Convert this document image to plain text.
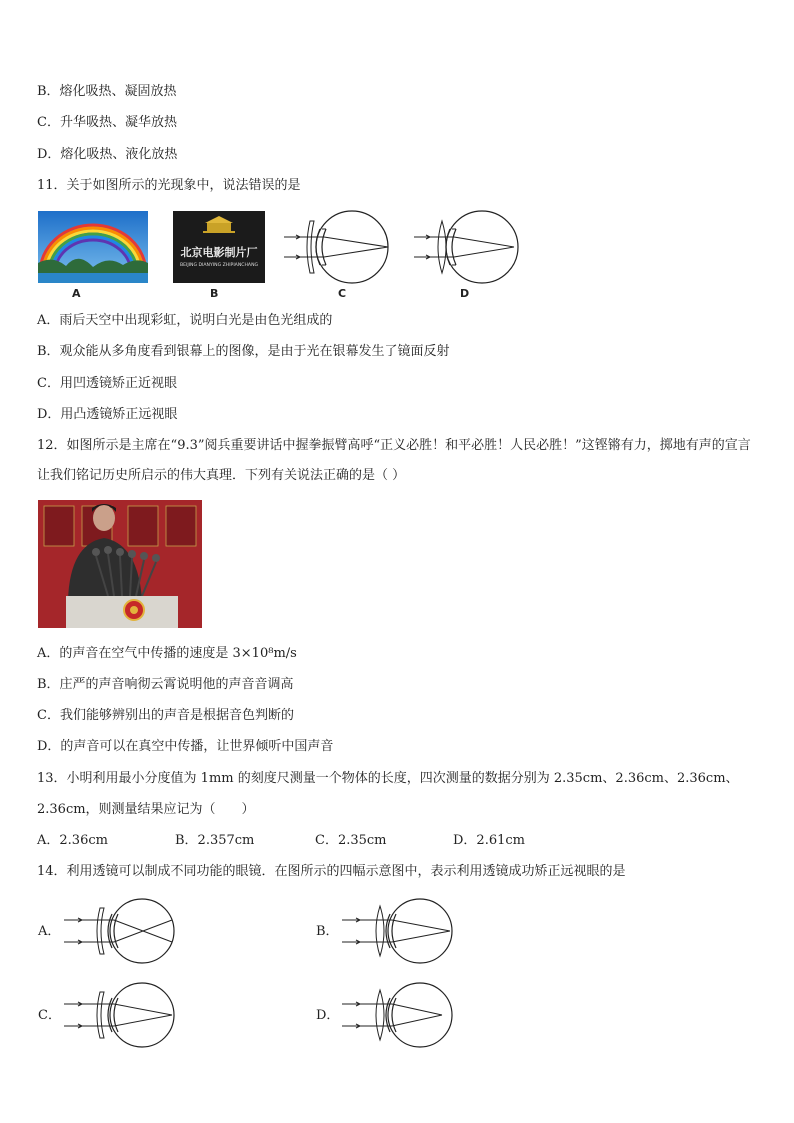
B．熔化吸热、凝固放热
C．升华吸热、凝华放热
D．熔化吸热、液化放热
11．关于如图所示的光现象中，说法错误的是
A
北京电影制片厂
BEIJING DIANYING ZHIPIANCHANG
B	C	D
A．雨后天空中出现彩虹，说明白光是由色光组成的
B．观众能从多角度看到银幕上的图像，是由于光在银幕发生了镜面反射
C．用凹透镜矫正近视眼
D．用凸透镜矫正远视眼
12．如图所示是主席在“9.3”阅兵重要讲话中握拳振臂高呼“正义必胜！和平必胜！人民必胜！”这铿锵有力，掷地有声的宣言让我们铭记历史所启示的伟大真理．下列有关说法正确的是（ ）
A．的声音在空气中传播的速度是 3×10⁸m/s
B．庄严的声音响彻云霄说明他的声音音调高
C．我们能够辨别出的声音是根据音色判断的
D．的声音可以在真空中传播，让世界倾听中国声音
13．小明利用最小分度值为 1mm 的刻度尺测量一个物体的长度，四次测量的数据分别为 2.35cm、2.36cm、2.36cm、
2.36cm，则测量结果应记为（　　）
A．2.36cm	B．2.357cm	C．2.35cm	D．2.61cm
14．利用透镜可以制成不同功能的眼镜．在图所示的四幅示意图中，表示利用透镜成功矫正远视眼的是
A．	B．
C．	D．
